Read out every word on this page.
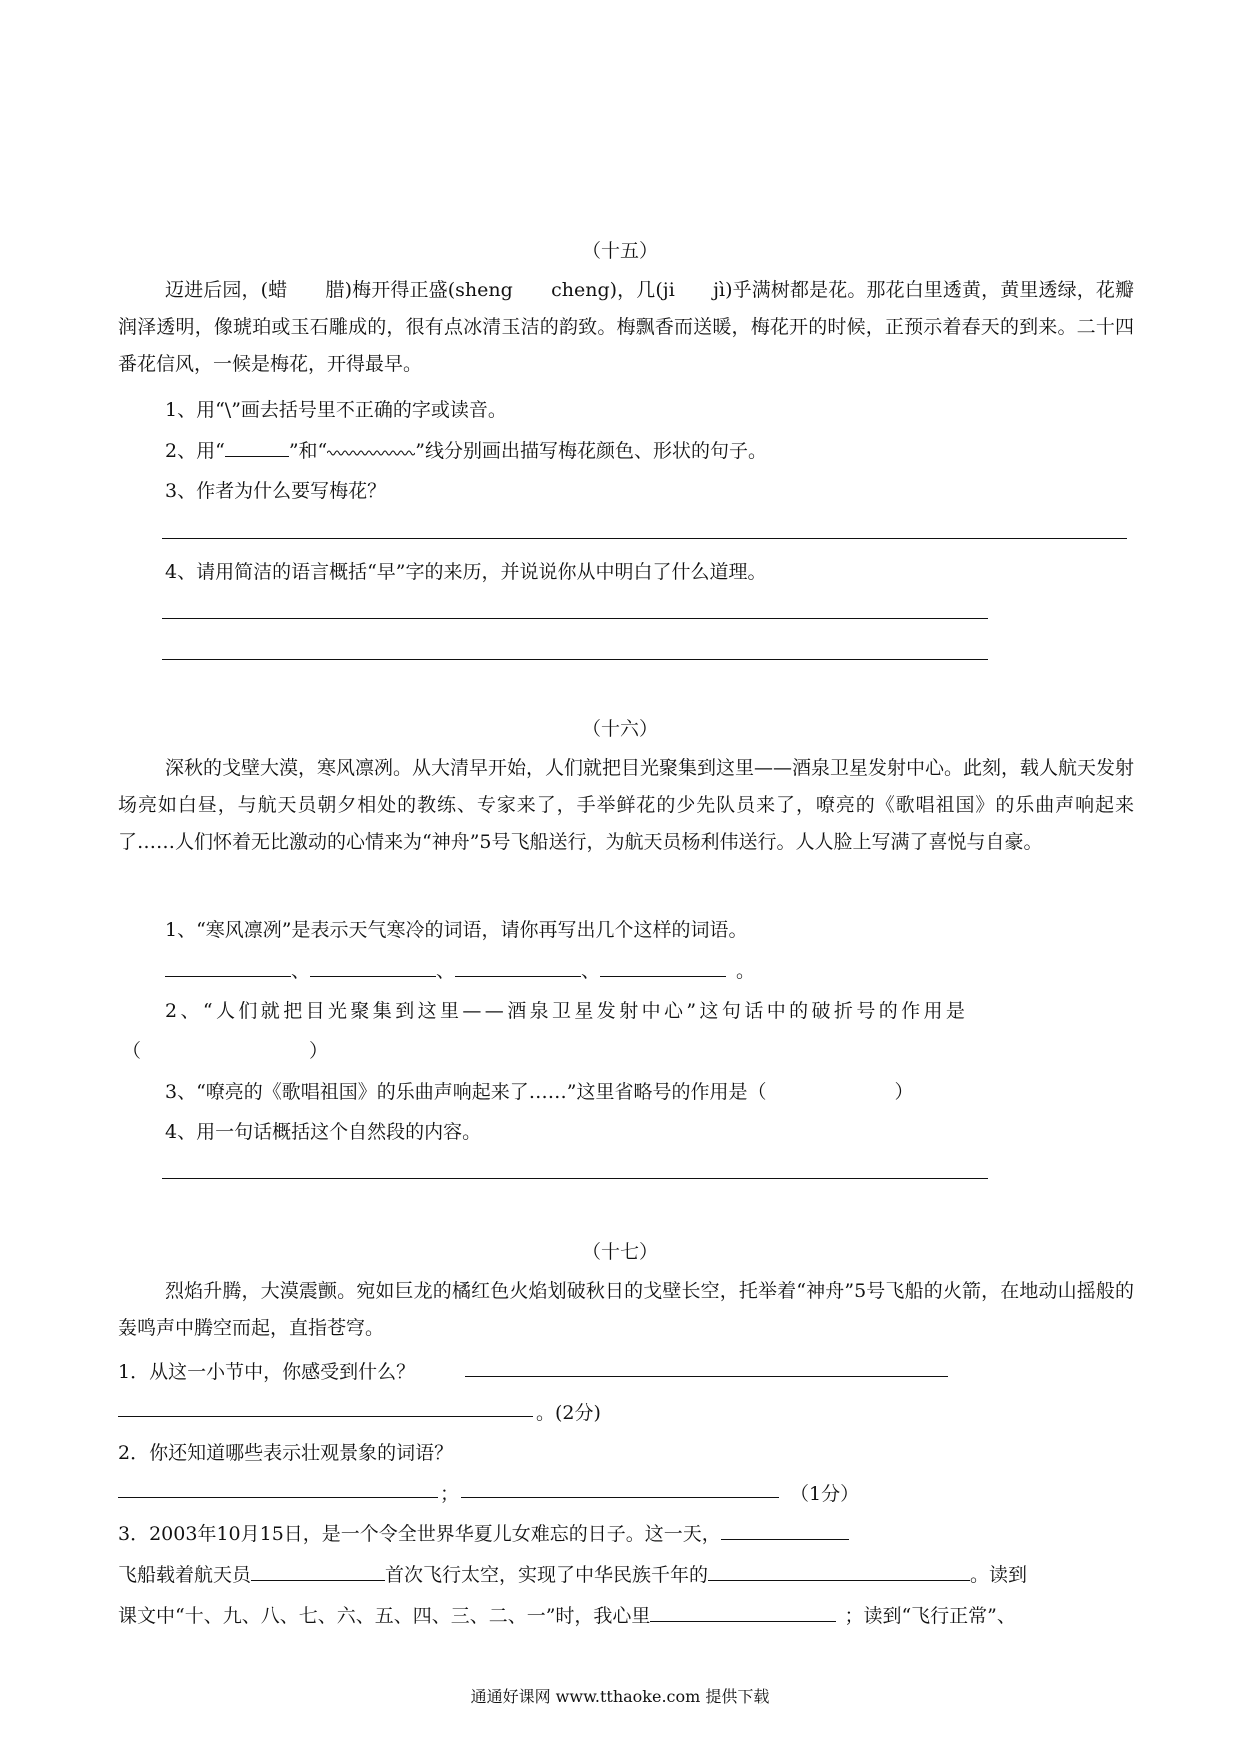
（十五）
迈进后园，(蜡　　腊)梅开得正盛(sheng　　cheng)，几(ji　　jì)乎满树都是花。那花白里透黄，黄里透绿，花瓣润泽透明，像琥珀或玉石雕成的，很有点冰清玉洁的韵致。梅飘香而送暖，梅花开的时候，正预示着春天的到来。二十四番花信风，一候是梅花，开得最早。
1、用“\”画去括号里不正确的字或读音。
2、用“	”和“	”线分别画出描写梅花颜色、形状的句子。
3、作者为什么要写梅花？
4、请用简洁的语言概括“早”字的来历，并说说你从中明白了什么道理。
（十六）
深秋的戈壁大漠，寒风凛冽。从大清早开始，人们就把目光聚集到这里——酒泉卫星发射中心。此刻，载人航天发射场亮如白昼，与航天员朝夕相处的教练、专家来了，手举鲜花的少先队员来了，嘹亮的《歌唱祖国》的乐曲声响起来了……人们怀着无比激动的心情来为“神舟”5号飞船送行，为航天员杨利伟送行。人人脸上写满了喜悦与自豪。
1、“寒风凛冽”是表示天气寒冷的词语，请你再写出几个这样的词语。
、	、	、	。
2、“人们就把目光聚集到这里——酒泉卫星发射中心”这句话中的破折号的作用是
（	）
3、“嘹亮的《歌唱祖国》的乐曲声响起来了……”这里省略号的作用是（	）
4、用一句话概括这个自然段的内容。
（十七）
烈焰升腾，大漠震颤。宛如巨龙的橘红色火焰划破秋日的戈壁长空，托举着“神舟”5号飞船的火箭，在地动山摇般的轰鸣声中腾空而起，直指苍穹。
1．从这一小节中，你感受到什么？
。(2分)
2．你还知道哪些表示壮观景象的词语？
；	（1分）
3．2003年10月15日，是一个令全世界华夏儿女难忘的日子。这一天，
飞船载着航天员	首次飞行太空，实现了中华民族千年的	。读到
课文中“十、九、八、七、六、五、四、三、二、一”时，我心里	；读到“飞行正常”、
通通好课网 www.tthaoke.com 提供下载
